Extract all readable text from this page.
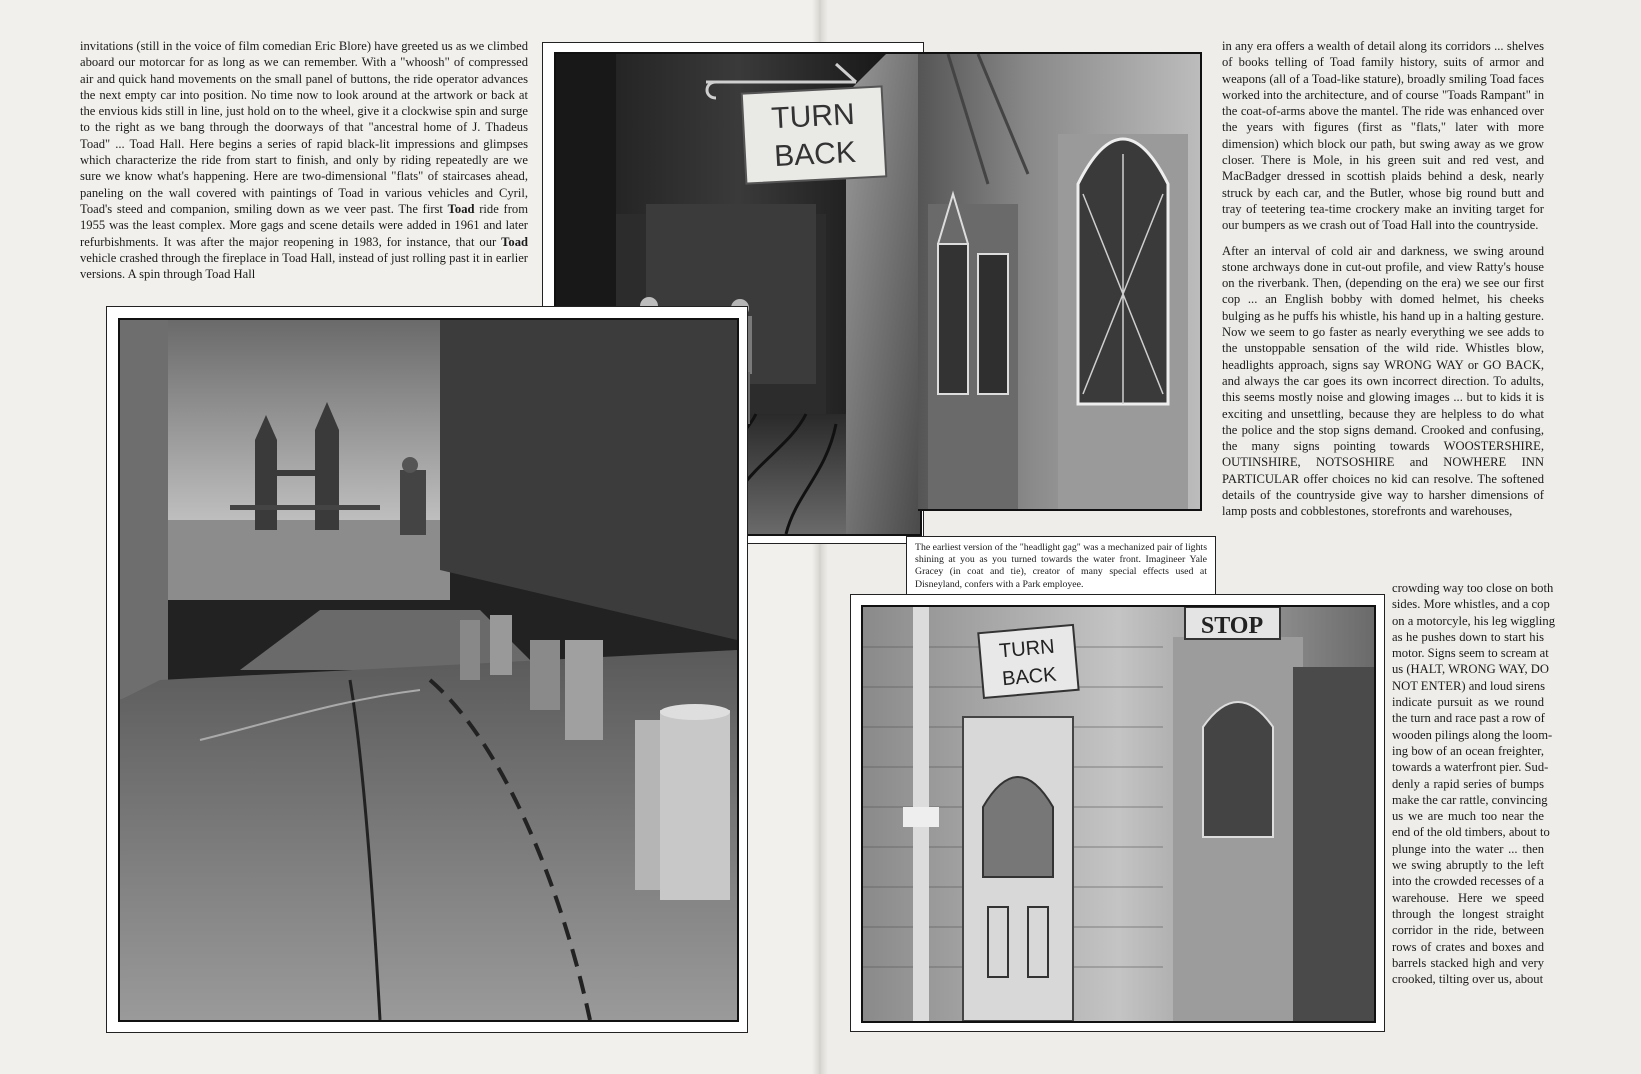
invitations (still in the voice of film comedian Eric Blore) have greeted us as we climbed aboard our motorcar for as long as we can remember. With a "whoosh" of compressed air and quick hand movements on the small panel of buttons, the ride operator advances the next empty car into position. No time now to look around at the artwork or back at the envious kids still in line, just hold on to the wheel, give it a clockwise spin and surge to the right as we bang through the doorways of that "ancestral home of J. Thadeus Toad" ... Toad Hall. Here begins a series of rapid black-lit impressions and glimpses which characterize the ride from start to finish, and only by riding repeatedly are we sure we know what's happening. Here are two-dimensional "flats" of staircases ahead, paneling on the wall covered with paintings of Toad in various vehicles and Cyril, Toad's steed and companion, smiling down as we veer past. The first Toad ride from 1955 was the least complex. More gags and scene details were added in 1961 and later refurbishments. It was after the major reopening in 1983, for instance, that our Toad vehicle crashed through the fireplace in Toad Hall, instead of just rolling past it in earlier versions. A spin through Toad Hall

TURN
BACK
The earliest version of the "headlight gag" was a mechanized pair of lights shining at you as you turned towards the water front. Imagineer Yale Gracey (in coat and tie), creator of many special effects used at Disneyland, confers with a Park employee.
TURN
BACK
STOP

in any era offers a wealth of detail along its corridors ... shelves of books telling of Toad family history, suits of armor and weapons (all of a Toad-like stature), broadly smiling Toad faces worked into the architecture, and of course "Toads Rampant" in the coat-of-arms above the mantel. The ride was enhanced over the years with figures (first as "flats," later with more dimension) which block our path, but swing away as we grow closer. There is Mole, in his green suit and red vest, and MacBadger dressed in scottish plaids behind a desk, nearly struck by each car, and the Butler, whose big round butt and tray of teetering tea-time crockery make an inviting target for our bumpers as we crash out of Toad Hall into the countryside.

After an interval of cold air and darkness, we swing around stone archways done in cut-out profile, and view Ratty's house on the riverbank. Then, (depending on the era) we see our first cop ... an English bobby with domed helmet, his cheeks bulging as he puffs his whistle, his hand up in a halting gesture. Now we seem to go faster as nearly everything we see adds to the unstoppable sensation of the wild ride. Whistles blow, headlights approach, signs say WRONG WAY or GO BACK, and always the car goes its own incorrect direction. To adults, this seems mostly noise and glowing images ... but to kids it is exciting and unsettling, because they are helpless to do what the police and the stop signs demand. Crooked and confusing, the many signs pointing towards WOOSTERSHIRE, OUTINSHIRE, NOTSOSHIRE and NOWHERE INN PARTICULAR offer choices no kid can resolve. The softened details of the countryside give way to harsher dimensions of lamp posts and cobblestones, storefronts and warehouses,

crowding way too close on both
sides. More whistles, and a cop
on a motorcyle, his leg wiggling
as he pushes down to start his
motor. Signs seem to scream at
us (HALT, WRONG WAY, DO
NOT ENTER) and loud sirens
indicate pursuit as we round
the turn and race past a row of
wooden pilings along the loom-
ing bow of an ocean freighter,
towards a waterfront pier. Sud-
denly a rapid series of bumps
make the car rattle, convincing
us we are much too near the
end of the old timbers, about to
plunge into the water ... then
we swing abruptly to the left
into the crowded recesses of a
warehouse. Here we speed
through the longest straight
corridor in the ride, between
rows of crates and boxes and
barrels stacked high and very
crooked, tilting over us, about
